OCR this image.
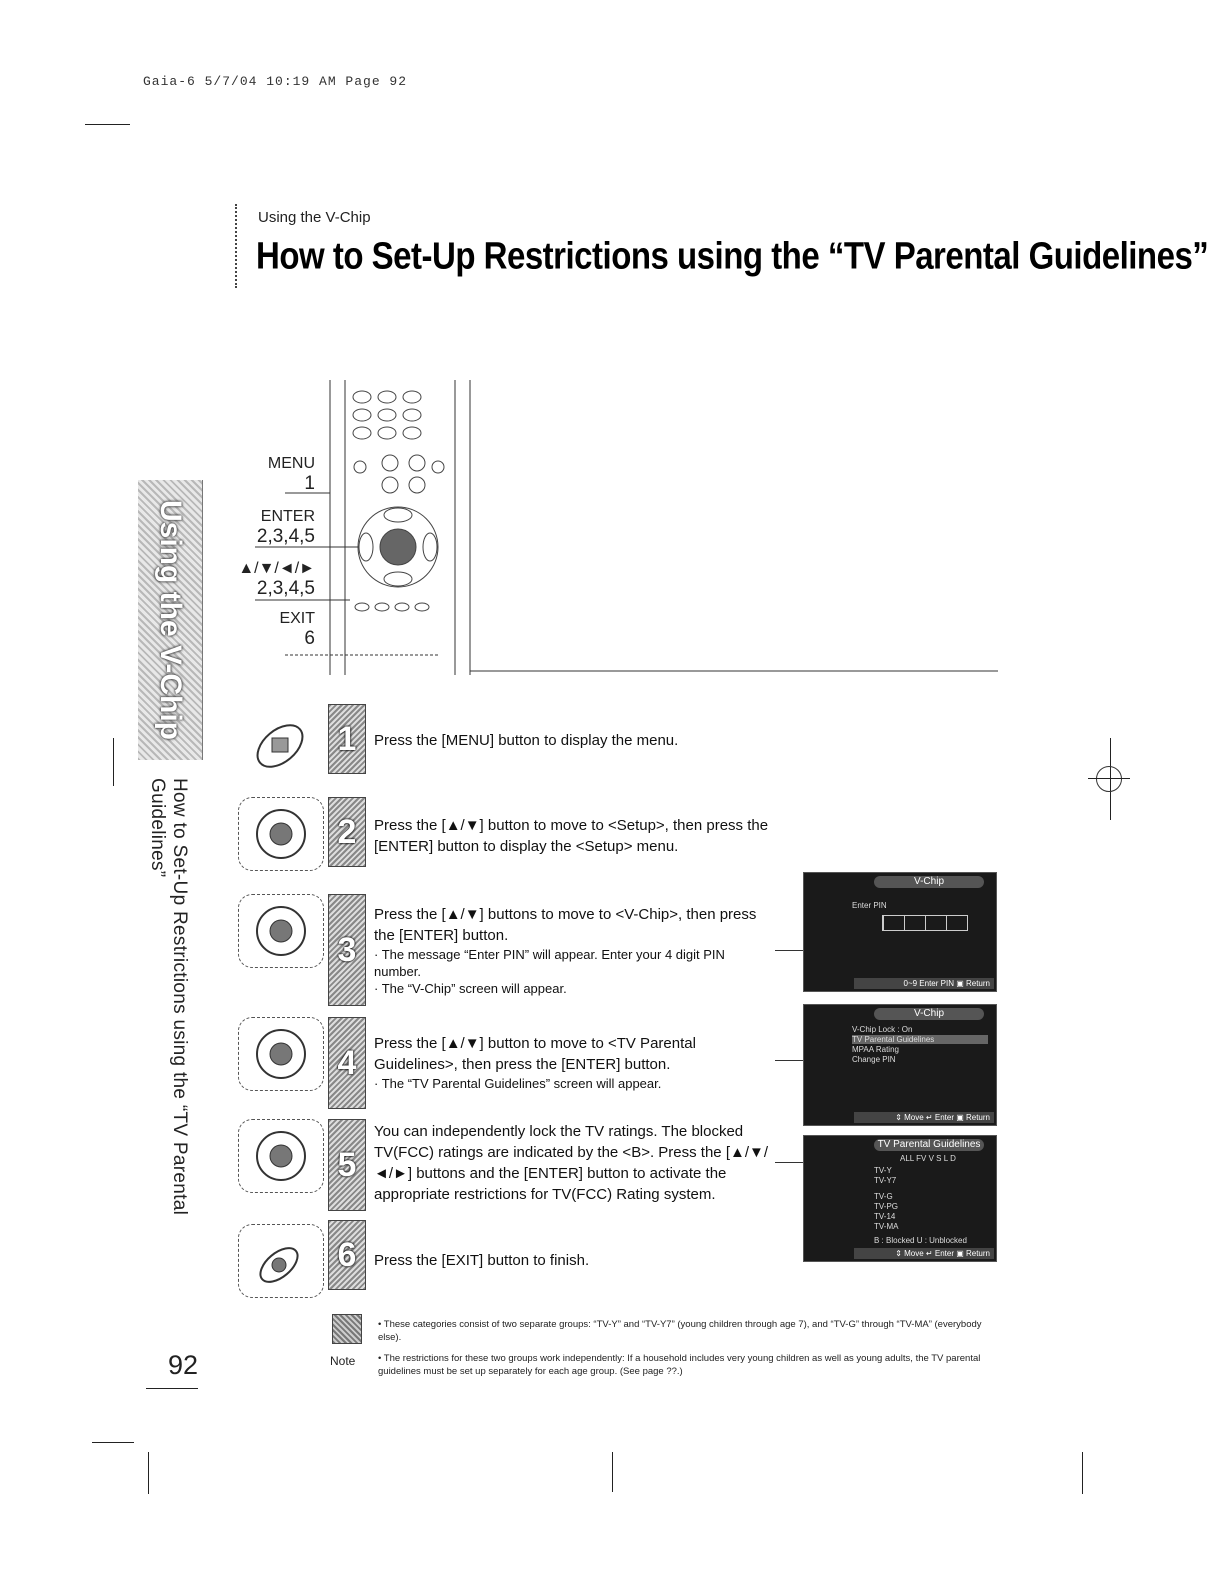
Gaia-6 5/7/04 10:19 AM Page 92
Using the V-Chip
How to Set-Up Restrictions using the “TV Parental Guidelines”
Using the V-Chip
How to Set-Up Restrictions using the “TV Parental Guidelines”
92
MENU
1
ENTER
2,3,4,5
▲/▼/◄/►
2,3,4,5
EXIT
6
1	Press the [MENU] button to display the menu.
2	Press the [▲/▼] button to move to <Setup>, then press the [ENTER] button to display the <Setup> menu.
3
Press the [▲/▼] buttons to move to <V-Chip>, then press the [ENTER] button.
· The message “Enter PIN” will appear. Enter your 4 digit PIN number.
· The “V-Chip” screen will appear.
4
Press the [▲/▼] button to move to <TV Parental Guidelines>, then press the [ENTER] button.
· The “TV Parental Guidelines” screen will appear.
5
You can independently lock the TV ratings. The blocked TV(FCC) ratings are indicated by the <B>. Press the [▲/▼/◄/►] buttons and the [ENTER] button to activate the appropriate restrictions for TV(FCC) Rating system.
6	Press the [EXIT] button to finish.
V-Chip
Enter PIN
0~9 Enter PIN ▣ Return
V-Chip
V-Chip Lock : On
TV Parental Guidelines
MPAA Rating
Change PIN
⇕ Move ↵ Enter ▣ Return
TV Parental Guidelines
ALL FV V S L D
TV-Y
TV-Y7
TV-G
TV-PG
TV-14
TV-MA
B : Blocked U : Unblocked
⇕ Move ↵ Enter ▣ Return
Note
• These categories consist of two separate groups: “TV-Y” and “TV-Y7” (young children through age 7), and “TV-G” through “TV-MA” (everybody else).
• The restrictions for these two groups work independently: If a household includes very young children as well as young adults, the TV parental guidelines must be set up separately for each age group. (See page ??.)
